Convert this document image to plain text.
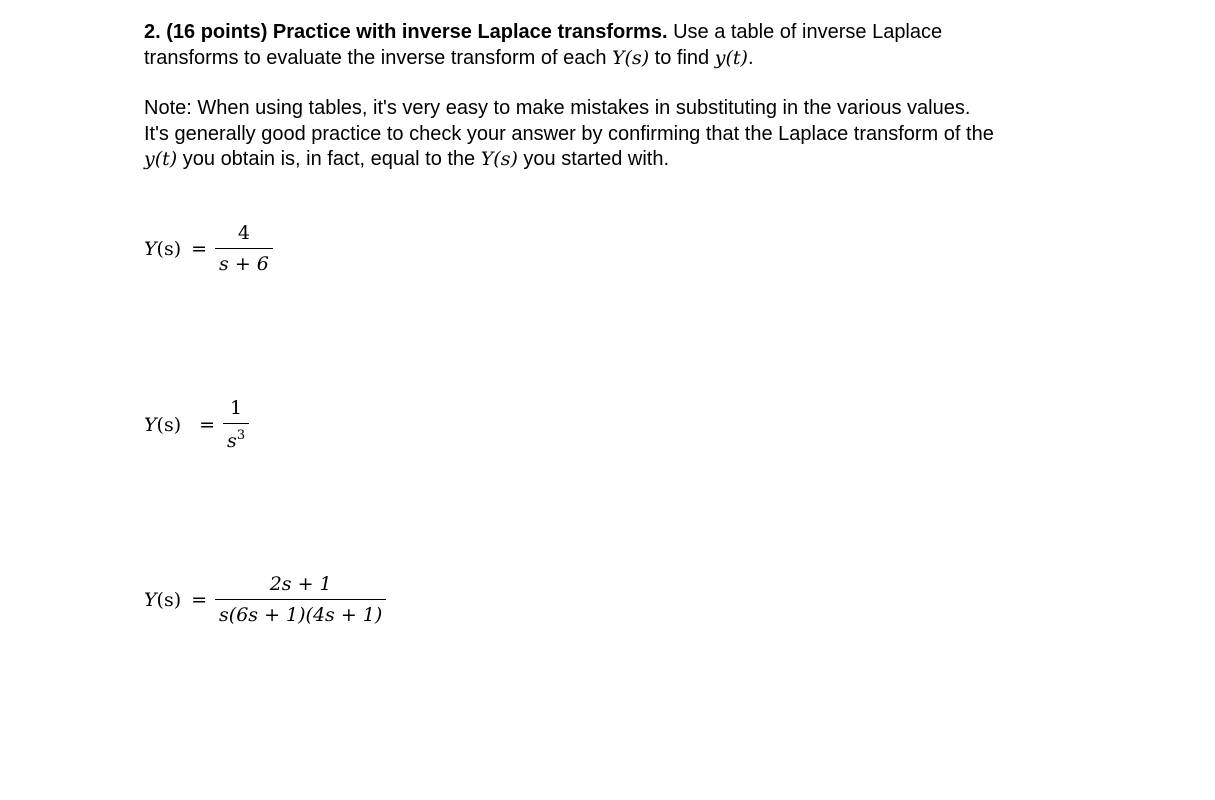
2. (16 points) Practice with inverse Laplace transforms. Use a table of inverse Laplace
transforms to evaluate the inverse transform of each Y(s) to find y(t).
Note: When using tables, it's very easy to make mistakes in substituting in the various values.
It's generally good practice to check your answer by confirming that the Laplace transform of the
y(t) you obtain is, in fact, equal to the Y(s) you started with.
$Y(s) = \frac{4}{s + 6}$
$Y(s) = \frac{1}{s^3}$
$Y(s) = \frac{2s + 1}{s(6s + 1)(4s + 1)}$
